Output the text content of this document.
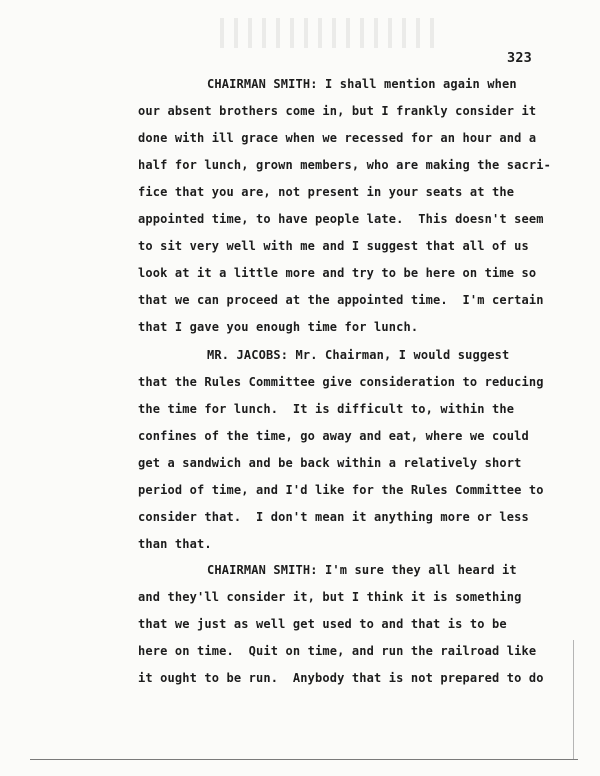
323
CHAIRMAN SMITH: I shall mention again when
our absent brothers come in, but I frankly consider it
done with ill grace when we recessed for an hour and a
half for lunch, grown members, who are making the sacri-
fice that you are, not present in your seats at the
appointed time, to have people late.  This doesn't seem
to sit very well with me and I suggest that all of us
look at it a little more and try to be here on time so
that we can proceed at the appointed time.  I'm certain
that I gave you enough time for lunch.
MR. JACOBS: Mr. Chairman, I would suggest
that the Rules Committee give consideration to reducing
the time for lunch.  It is difficult to, within the
confines of the time, go away and eat, where we could
get a sandwich and be back within a relatively short
period of time, and I'd like for the Rules Committee to
consider that.  I don't mean it anything more or less
than that.
CHAIRMAN SMITH: I'm sure they all heard it
and they'll consider it, but I think it is something
that we just as well get used to and that is to be
here on time.  Quit on time, and run the railroad like
it ought to be run.  Anybody that is not prepared to do
